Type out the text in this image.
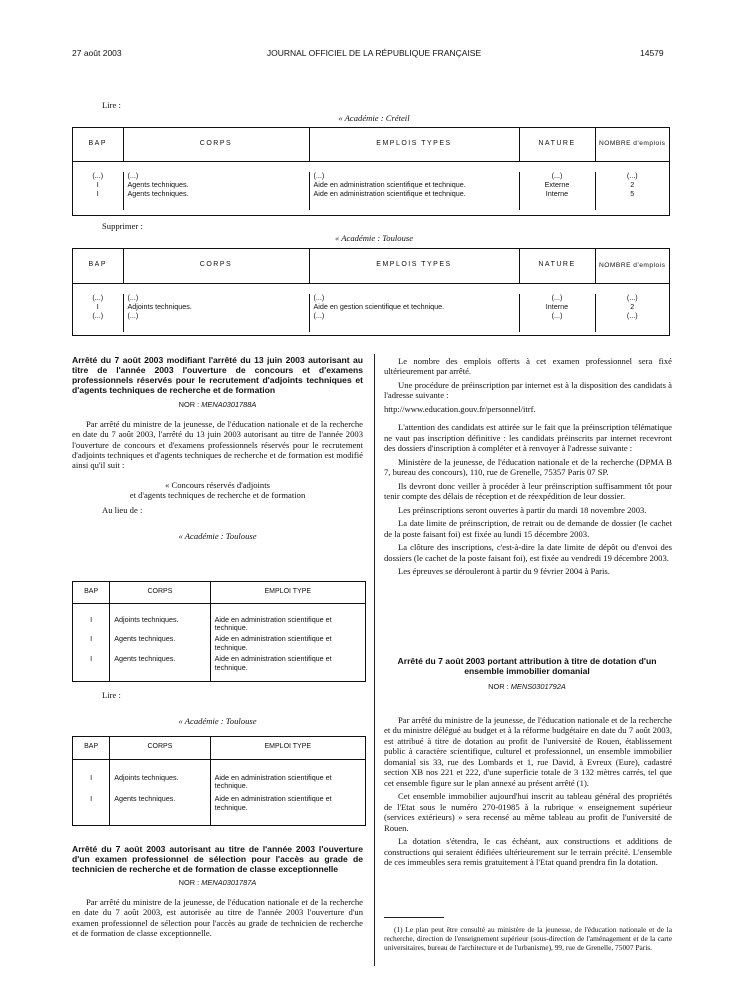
27 août 2003	JOURNAL OFFICIEL DE LA RÉPUBLIQUE FRANÇAISE	14579
Lire :
« Académie : Créteil
BAP	CORPS	EMPLOIS TYPES	NATURE	NOMBRE d'emplois

(...)	(...)	(...)	(...)	(...)
I	Agents techniques.	Aide en administration scientifique et technique.	Externe	2
I	Agents techniques.	Aide en administration scientifique et technique.	Interne	5
Supprimer :
« Académie : Toulouse
BAP	CORPS	EMPLOIS TYPES	NATURE	NOMBRE d'emplois

(...)	(...)	(...)	(...)	(...)
I	Adjoints techniques.	Aide en gestion scientifique et technique.	Interne	2
(...)	(...)	(...)	(...)	(...)
Arrêté du 7 août 2003 modifiant l'arrêté du 13 juin 2003 autorisant au titre de l'année 2003 l'ouverture de concours et d'examens professionnels réservés pour le recrutement d'adjoints techniques et d'agents techniques de recherche et de formation
NOR : MENA0301788A

Par arrêté du ministre de la jeunesse, de l'éducation nationale et de la recherche en date du 7 août 2003, l'arrêté du 13 juin 2003 autorisant au titre de l'année 2003 l'ouverture de concours et d'examens professionnels réservés pour le recrutement d'adjoints techniques et d'agents techniques de recherche et de formation est modifié ainsi qu'il suit :

« Concours réservés d'adjoints
et d'agents techniques de recherche et de formation
Au lieu de :
« Académie : Toulouse
BAP	CORPS	EMPLOI TYPE
I	Adjoints techniques.	Aide en administration scientifique et technique.
I	Agents techniques.	Aide en administration scientifique et technique.
I	Agents techniques.	Aide en administration scientifique et technique.
Lire :
« Académie : Toulouse
BAP	CORPS	EMPLOI TYPE
I	Adjoints techniques.	Aide en administration scientifique et technique.
I	Agents techniques.	Aide en administration scientifique et technique.
Arrêté du 7 août 2003 autorisant au titre de l'année 2003 l'ouverture d'un examen professionnel de sélection pour l'accès au grade de technicien de recherche et de formation de classe exceptionnelle
NOR : MENA0301787A

Par arrêté du ministre de la jeunesse, de l'éducation nationale et de la recherche en date du 7 août 2003, est autorisée au titre de l'année 2003 l'ouverture d'un examen professionnel de sélection pour l'accès au grade de technicien de recherche et de formation de classe exceptionnelle.

Le nombre des emplois offerts à cet examen professionnel sera fixé ultérieurement par arrêté.

Une procédure de préinscription par internet est à la disposition des candidats à l'adresse suivante :

http://www.education.gouv.fr/personnel/itrf.

L'attention des candidats est attirée sur le fait que la préinscription télématique ne vaut pas inscription définitive : les candidats préinscrits par internet recevront des dossiers d'inscription à compléter et à renvoyer à l'adresse suivante :

Ministère de la jeunesse, de l'éducation nationale et de la recherche (DPMA B 7, bureau des concours), 110, rue de Grenelle, 75357 Paris 07 SP.

Ils devront donc veiller à procéder à leur préinscription suffisamment tôt pour tenir compte des délais de réception et de réexpédition de leur dossier.

Les préinscriptions seront ouvertes à partir du mardi 18 novembre 2003.

La date limite de préinscription, de retrait ou de demande de dossier (le cachet de la poste faisant foi) est fixée au lundi 15 décembre 2003.

La clôture des inscriptions, c'est-à-dire la date limite de dépôt ou d'envoi des dossiers (le cachet de la poste faisant foi), est fixée au vendredi 19 décembre 2003.

Les épreuves se dérouleront à partir du 9 février 2004 à Paris.

Arrêté du 7 août 2003 portant attribution à titre de dotation d'un ensemble immobilier domanial
NOR : MENS0301792A

Par arrêté du ministre de la jeunesse, de l'éducation nationale et de la recherche et du ministre délégué au budget et à la réforme budgétaire en date du 7 août 2003, est attribué à titre de dotation au profit de l'université de Rouen, établissement public à caractère scientifique, culturel et professionnel, un ensemble immobilier domanial sis 33, rue des Lombards et 1, rue David, à Evreux (Eure), cadastré section XB nos 221 et 222, d'une superficie totale de 3 132 mètres carrés, tel que cet ensemble figure sur le plan annexé au présent arrêté (1).

Cet ensemble immobilier aujourd'hui inscrit au tableau général des propriétés de l'Etat sous le numéro 270-01985 à la rubrique « enseignement supérieur (services extérieurs) » sera recensé au même tableau au profit de l'université de Rouen.

La dotation s'étendra, le cas échéant, aux constructions et additions de constructions qui seraient édifiées ultérieurement sur le terrain précité. L'ensemble de ces immeubles sera remis gratuitement à l'Etat quand prendra fin la dotation.

(1) Le plan peut être consulté au ministère de la jeunesse, de l'éducation nationale et de la recherche, direction de l'enseignement supérieur (sous-direction de l'aménagement et de la carte universitaires, bureau de l'architecture et de l'urbanisme), 99, rue de Grenelle, 75007 Paris.
